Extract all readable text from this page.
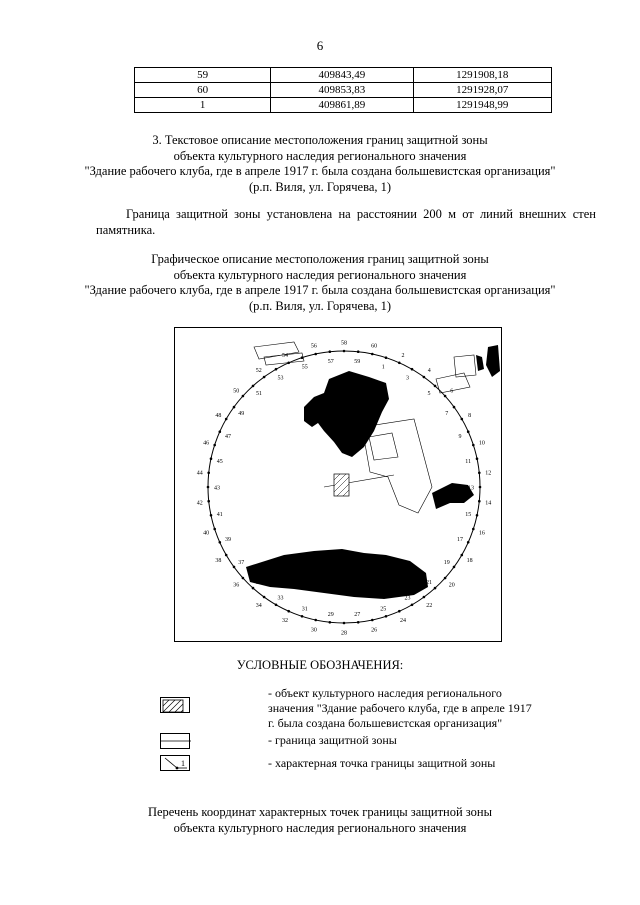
6
59	409843,49	1291908,18
60	409853,83	1291928,07
1	409861,89	1291948,99
3. Текстовое описание местоположения границ защитной зоны
объекта культурного наследия регионального значения
"Здание рабочего клуба, где в апреле 1917 г. была создана большевистская организация"
(р.п. Виля, ул. Горячева, 1)
Граница защитной зоны установлена на расстоянии 200 м от линий внешних стен памятника.
Графическое описание местоположения границ защитной зоны
объекта культурного наследия регионального значения
"Здание рабочего клуба, где в апреле 1917 г. была создана большевистская организация"
(р.п. Виля, ул. Горячева, 1)
1
2
3
4
5	6
7	8
9
10
11
12
13
14
15
16
17
18
19
20
21
22
23
24
25
26
27
28
29
30
31
32
33
34
35
36
37
38
39
40
41
42
43
44
45
46
47
48	49
50	51
52
53
54
55
56
57
58
59
60
УСЛОВНЫЕ ОБОЗНАЧЕНИЯ:
- объект культурного наследия регионального
значения "Здание рабочего клуба, где в апреле 1917
г. была создана большевистская организация"
- граница защитной зоны
1	- характерная точка границы защитной зоны
Перечень координат характерных точек границы защитной зоны
объекта культурного наследия регионального значения
